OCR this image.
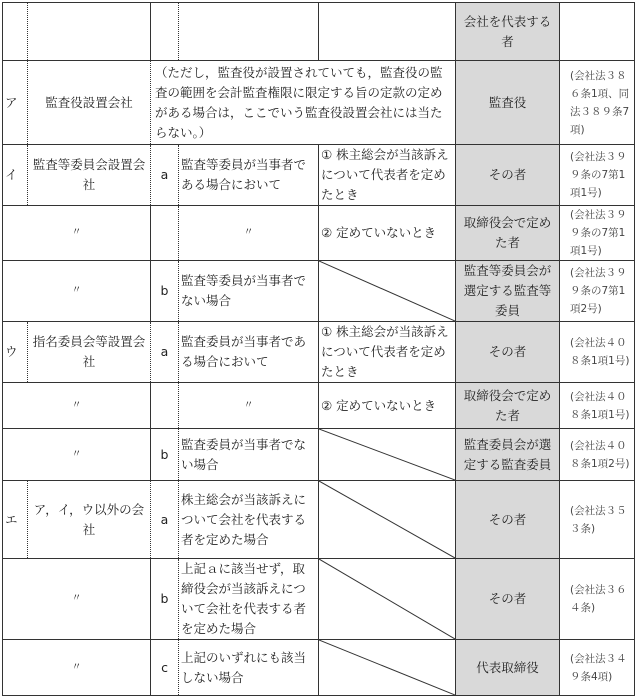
					会社を代表する者	
ア	監査役設置会社	（ただし，監査役が設置されていても，監査役の監査の範囲を会計監査権限に限定する旨の定款の定めがある場合は，ここでいう監査役設置会社には当たらない。）			監査役	(会社法３８６条1項、同法３８９条7項)
イ	監査等委員会設置会社	a	監査等委員が当事者である場合において	① 株主総会が当該訴えについて代表者を定めたとき	その者	(会社法３９９条の7第1項1号)
〃			〃	② 定めていないとき	取締役会で定めた者	(会社法３９９条の7第1項1号)
〃		b	監査等委員が当事者でない場合		監査等委員会が選定する監査等委員	(会社法３９９条の7第1項2号)
ウ	指名委員会等設置会社	a	監査委員が当事者である場合において	① 株主総会が当該訴えについて代表者を定めたとき	その者	(会社法４０８条1項1号)
〃			〃	② 定めていないとき	取締役会で定めた者	(会社法４０８条1項1号)
〃		b	監査委員が当事者でない場合		監査委員会が選定する監査委員	(会社法４０８条1項2号)
エ	ア，イ，ウ以外の会社	a	株主総会が当該訴えについて会社を代表する者を定めた場合		その者	(会社法３５３条)
〃		b	上記ａに該当せず，取締役会が当該訴えについて会社を代表する者を定めた場合		その者	(会社法３６４条)
〃		c	上記のいずれにも該当しない場合		代表取締役	(会社法３４９条4項)
